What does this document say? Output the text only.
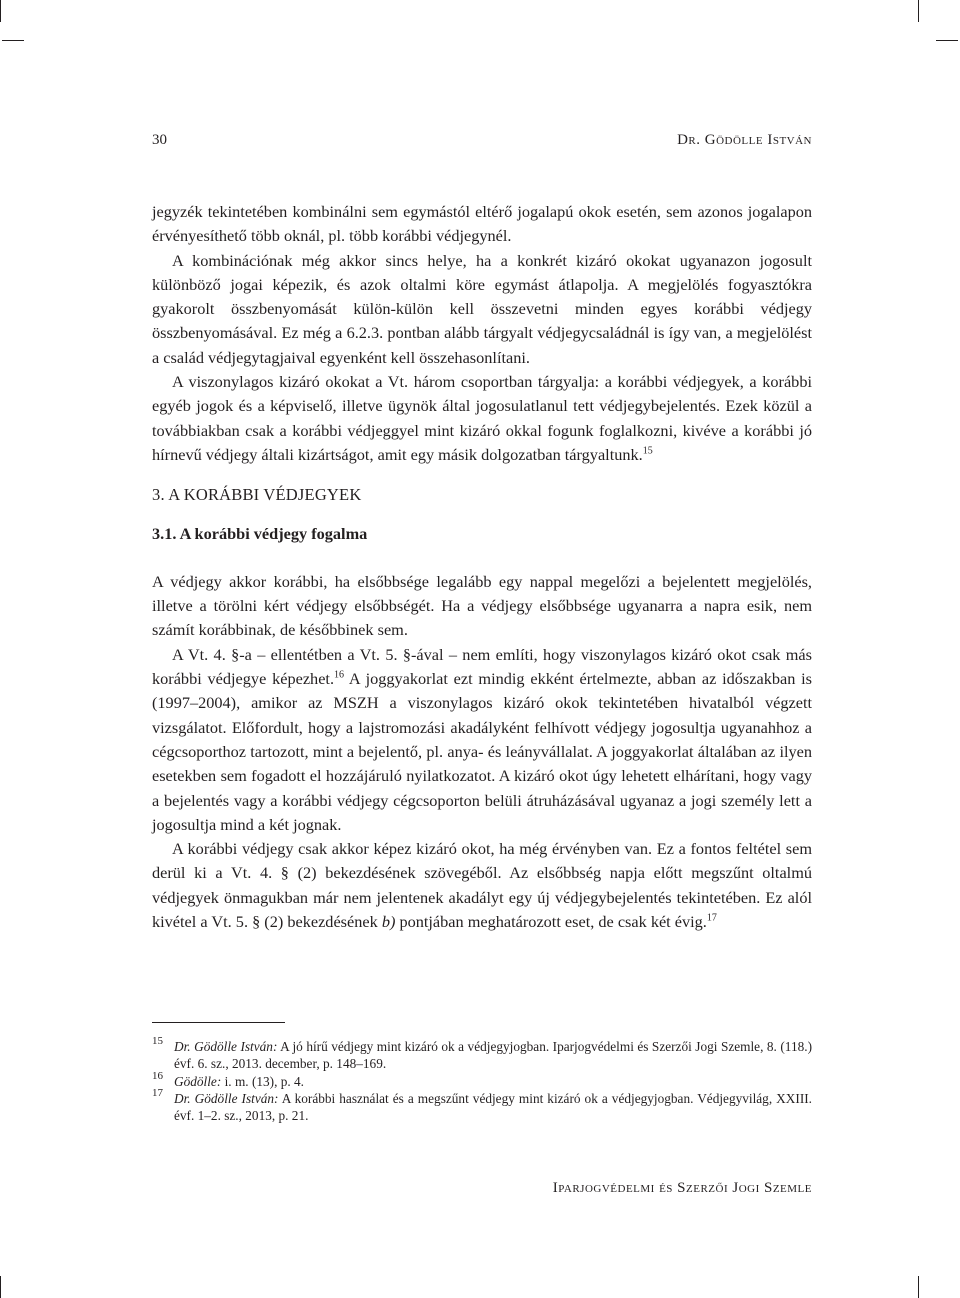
30	Dr. Gödölle István

jegyzék tekintetében kombinálni sem egymástól eltérő jogalapú okok esetén, sem azonos jogalapon érvényesíthető több oknál, pl. több korábbi védjegynél.

A kombinációnak még akkor sincs helye, ha a konkrét kizáró okokat ugyanazon jogosult különböző jogai képezik, és azok oltalmi köre egymást átlapolja. A megjelölés fogyasztókra gyakorolt összbenyomását külön-külön kell összevetni minden egyes korábbi védjegy összbenyomásával. Ez még a 6.2.3. pontban alább tárgyalt védjegycsaládnál is így van, a megjelölést a család védjegytagjaival egyenként kell összehasonlítani.

A viszonylagos kizáró okokat a Vt. három csoportban tárgyalja: a korábbi védjegyek, a korábbi egyéb jogok és a képviselő, illetve ügynök által jogosulatlanul tett védjegybejelentés. Ezek közül a továbbiakban csak a korábbi védjeggyel mint kizáró okkal fogunk foglalkozni, kivéve a korábbi jó hírnevű védjegy általi kizártságot, amit egy másik dolgozatban tárgyaltunk.$^{15}$

3. A KORÁBBI VÉDJEGYEK

3.1. A korábbi védjegy fogalma

A védjegy akkor korábbi, ha elsőbbsége legalább egy nappal megelőzi a bejelentett megjelölés, illetve a törölni kért védjegy elsőbbségét. Ha a védjegy elsőbbsége ugyanarra a napra esik, nem számít korábbinak, de későbbinek sem.

A Vt. 4. §-a – ellentétben a Vt. 5. §-ával – nem említi, hogy viszonylagos kizáró okot csak más korábbi védjegye képezhet.$^{16}$ A joggyakorlat ezt mindig ekként értelmezte, abban az időszakban is (1997–2004), amikor az MSZH a viszonylagos kizáró okok tekintetében hivatalból végzett vizsgálatot. Előfordult, hogy a lajstromozási akadályként felhívott védjegy jogosultja ugyanahhoz a cégcsoporthoz tartozott, mint a bejelentő, pl. anya- és leányvállalat. A joggyakorlat általában az ilyen esetekben sem fogadott el hozzájáruló nyilatkozatot. A kizáró okot úgy lehetett elhárítani, hogy vagy a bejelentés vagy a korábbi védjegy cégcsoporton belüli átruházásával ugyanaz a jogi személy lett a jogosultja mind a két jognak.

A korábbi védjegy csak akkor képez kizáró okot, ha még érvényben van. Ez a fontos feltétel sem derül ki a Vt. 4. § (2) bekezdésének szövegéből. Az elsőbbség napja előtt megszűnt oltalmú védjegyek önmagukban már nem jelentenek akadályt egy új védjegybejelentés tekintetében. Ez alól kivétel a Vt. 5. § (2) bekezdésének b) pontjában meghatározott eset, de csak két évig.$^{17}$

15 Dr. Gödölle István: A jó hírű védjegy mint kizáró ok a védjegyjogban. Iparjogvédelmi és Szerzői Jogi Szemle, 8. (118.) évf. 6. sz., 2013. december, p. 148–169.
16 Gödölle: i. m. (13), p. 4.
17 Dr. Gödölle István: A korábbi használat és a megszűnt védjegy mint kizáró ok a védjegyjogban. Védjegyvilág, XXIII. évf. 1–2. sz., 2013, p. 21.
Iparjogvédelmi és Szerzői Jogi Szemle
